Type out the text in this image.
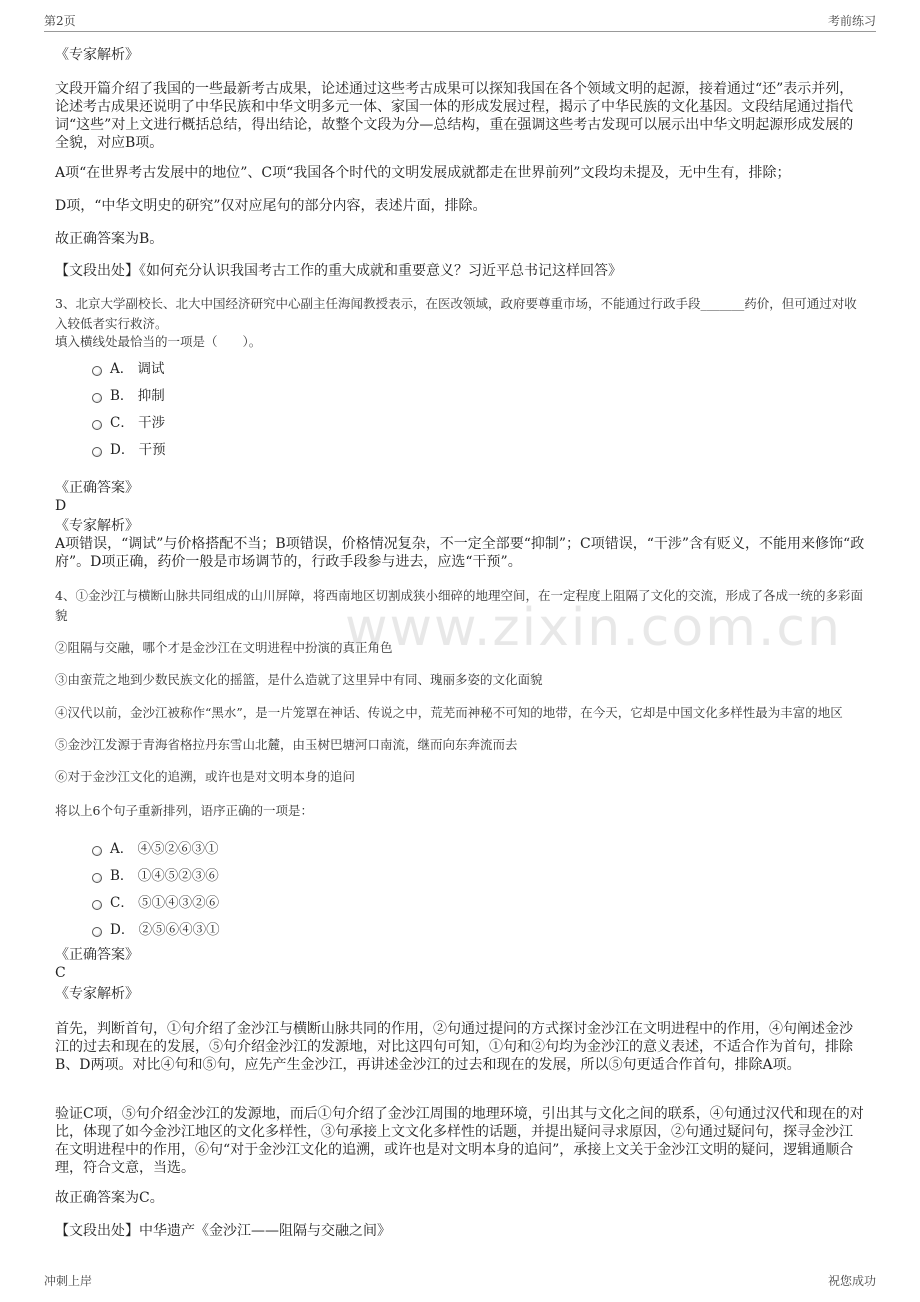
第2页	考前练习
www.zixin.com.cn
《专家解析》
文段开篇介绍了我国的一些最新考古成果，论述通过这些考古成果可以探知我国在各个领域文明的起源，接着通过“还”表示并列，论述考古成果还说明了中华民族和中华文明多元一体、家国一体的形成发展过程，揭示了中华民族的文化基因。文段结尾通过指代词“这些”对上文进行概括总结，得出结论，故整个文段为分—总结构，重在强调这些考古发现可以展示出中华文明起源形成发展的全貌，对应B项。
A项“在世界考古发展中的地位”、C项“我国各个时代的文明发展成就都走在世界前列”文段均未提及，无中生有，排除；
D项，“中华文明史的研究”仅对应尾句的部分内容，表述片面，排除。
故正确答案为B。
【文段出处】《如何充分认识我国考古工作的重大成就和重要意义？习近平总书记这样回答》
3、北京大学副校长、北大中国经济研究中心副主任海闻教授表示，在医改领域，政府要尊重市场，不能通过行政手段_______药价，但可通过对收入较低者实行救济。
填入横线处最恰当的一项是（　　）。
A． 调试
B． 抑制
C． 干涉
D． 干预
《正确答案》
D
《专家解析》
A项错误，“调试”与价格搭配不当；B项错误，价格情况复杂，不一定全部要“抑制”；C项错误，“干涉”含有贬义，不能用来修饰“政府”。D项正确，药价一般是市场调节的，行政手段参与进去，应选“干预”。
4、①金沙江与横断山脉共同组成的山川屏障，将西南地区切割成狭小细碎的地理空间，在一定程度上阻隔了文化的交流，形成了各成一统的多彩面貌
②阻隔与交融，哪个才是金沙江在文明进程中扮演的真正角色
③由蛮荒之地到少数民族文化的摇篮，是什么造就了这里异中有同、瑰丽多姿的文化面貌
④汉代以前，金沙江被称作“黑水”，是一片笼罩在神话、传说之中，荒芜而神秘不可知的地带，在今天，它却是中国文化多样性最为丰富的地区
⑤金沙江发源于青海省格拉丹东雪山北麓，由玉树巴塘河口南流，继而向东奔流而去
⑥对于金沙江文化的追溯，或许也是对文明本身的追问
将以上6个句子重新排列，语序正确的一项是：
A． ④⑤②⑥③①
B． ①④⑤②③⑥
C． ⑤①④③②⑥
D． ②⑤⑥④③①
《正确答案》
C
《专家解析》
首先，判断首句，①句介绍了金沙江与横断山脉共同的作用，②句通过提问的方式探讨金沙江在文明进程中的作用，④句阐述金沙江的过去和现在的发展，⑤句介绍金沙江的发源地，对比这四句可知，①句和②句均为金沙江的意义表述，不适合作为首句，排除B、D两项。对比④句和⑤句，应先产生金沙江，再讲述金沙江的过去和现在的发展，所以⑤句更适合作首句，排除A项。
验证C项，⑤句介绍金沙江的发源地，而后①句介绍了金沙江周围的地理环境，引出其与文化之间的联系，④句通过汉代和现在的对比，体现了如今金沙江地区的文化多样性，③句承接上文文化多样性的话题，并提出疑问寻求原因，②句通过疑问句，探寻金沙江在文明进程中的作用，⑥句“对于金沙江文化的追溯，或许也是对文明本身的追问”，承接上文关于金沙江文明的疑问，逻辑通顺合理，符合文意，当选。
故正确答案为C。
【文段出处】中华遗产《金沙江——阻隔与交融之间》
冲刺上岸	祝您成功
